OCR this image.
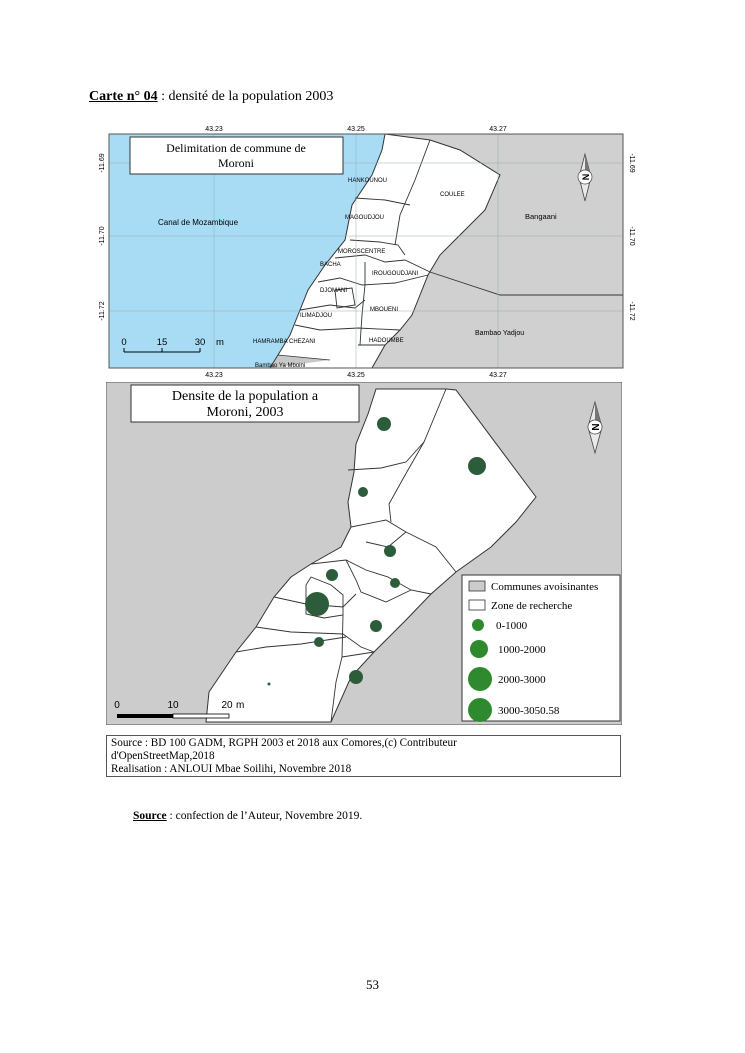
Carte n° 04 : densité de la population 2003
43.23	43.25	43.27
43.23	43.25	43.27
-11.69
-11.70
-11.72
-11.69
-11.70
-11.72
Delimitation de commune de
Moroni
Canal de Mozambique
Bangaani
Bambao Yadjou
Bambao Ya Mboini
HAMRAMBA CHEZANI
ILIMADJOU
DJOMANI
BACHA
MOROSCENTRE
MAGOUDJOU
HANKOUNOU
COULEE
IROUGOUDJANI
MBOUENI
HADOUMBE
N
0	15	30 m
Densite de la population a
Moroni, 2003
N
0	10	20 m
Communes avoisinantes
Zone de recherche
0-1000
1000-2000
2000-3000
3000-3050.58
Source : BD 100 GADM, RGPH 2003 et 2018 aux Comores,(c) Contributeur
d'OpenStreetMap,2018
Realisation : ANLOUI Mbae Soilihi, Novembre 2018
Source : confection de l’Auteur, Novembre 2019.
53
